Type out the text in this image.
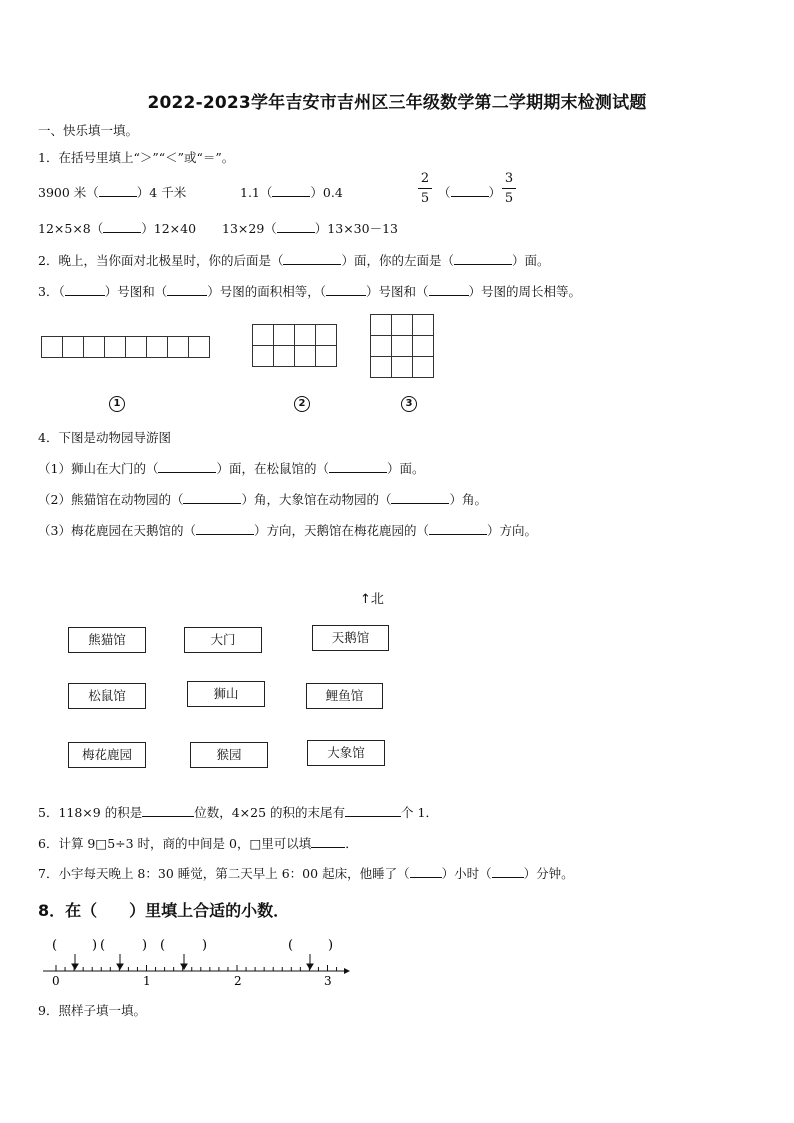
2022-2023学年吉安市吉州区三年级数学第二学期期末检测试题
一、快乐填一填。
1．在括号里填上“＞”“＜”或“＝”。
3900 米（	）4 千米	1.1（	）0.4
2
5 （	）
3
5
12×5×8（	）12×40 13×29（	）13×30－13
2．晚上，当你面对北极星时，你的后面是（	）面，你的左面是（	）面。
3．（	）号图和（	）号图的面积相等，（	）号图和（	）号图的周长相等。

1	2	3
4．下图是动物园导游图
（1）狮山在大门的（	）面，在松鼠馆的（	）面。
（2）熊猫馆在动物园的（	）角，大象馆在动物园的（	）角。
（3）梅花鹿园在天鹅馆的（	）方向，天鹅馆在梅花鹿园的（	）方向。
↑北
熊猫馆	大门	天鹅馆
松鼠馆	狮山	鲤鱼馆
梅花鹿园	猴园	大象馆
5．118×9 的积是	位数，4×25 的积的末尾有	个 1．
6．计算 9□5÷3 时，商的中间是 0，□里可以填	．
7．小宇每天晚上 8：30 睡觉，第二天早上 6：00 起床，他睡了（	）小时（	）分钟。
8．在（　　）里填上合适的小数．
(	) (	) (	)	(	)
0	1	2	3
9．照样子填一填。
